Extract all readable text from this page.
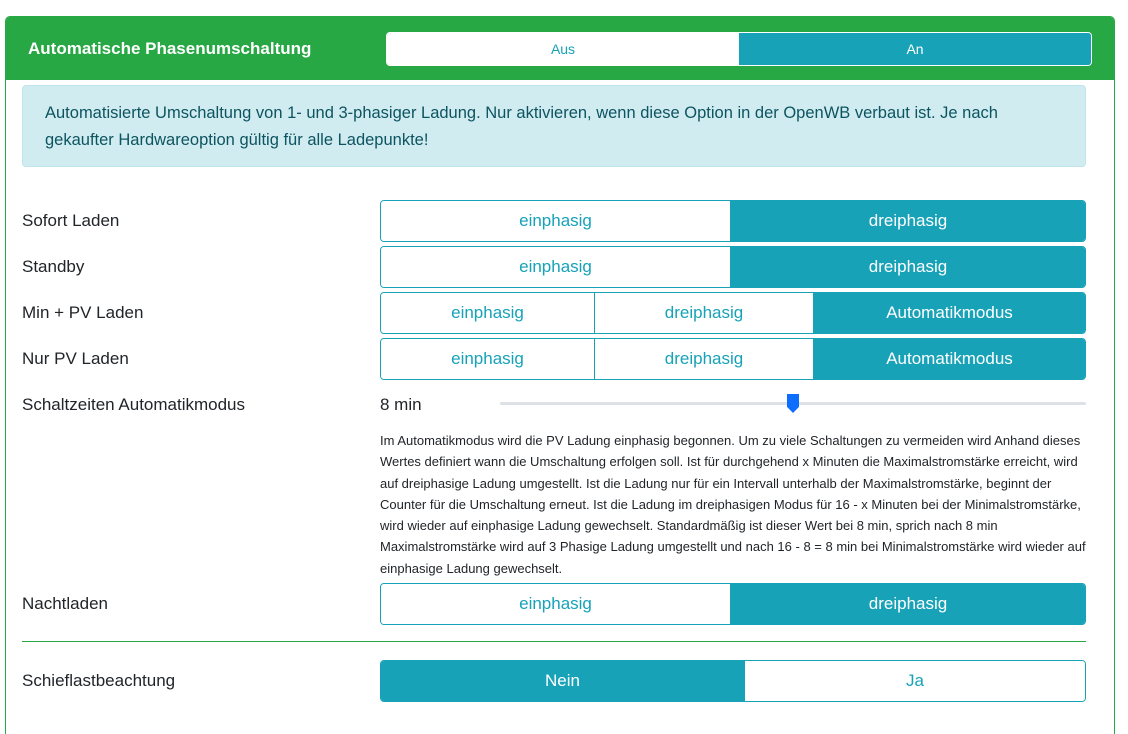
Automatische Phasenumschaltung	Aus	An
Automatisierte Umschaltung von 1- und 3-phasiger Ladung. Nur aktivieren, wenn diese Option in der OpenWB verbaut ist. Je nach gekaufter Hardwareoption gültig für alle Ladepunkte!
Sofort Laden	einphasig	dreiphasig
Standby	einphasig	dreiphasig
Min + PV Laden	einphasig	dreiphasig	Automatikmodus
Nur PV Laden	einphasig	dreiphasig	Automatikmodus
Schaltzeiten Automatikmodus	8 min
Im Automatikmodus wird die PV Ladung einphasig begonnen. Um zu viele Schaltungen zu vermeiden wird Anhand dieses Wertes definiert wann die Umschaltung erfolgen soll. Ist für durchgehend x Minuten die Maximalstromstärke erreicht, wird auf dreiphasige Ladung umgestellt. Ist die Ladung nur für ein Intervall unterhalb der Maximalstromstärke, beginnt der Counter für die Umschaltung erneut. Ist die Ladung im dreiphasigen Modus für 16 - x Minuten bei der Minimalstromstärke, wird wieder auf einphasige Ladung gewechselt. Standardmäßig ist dieser Wert bei 8 min, sprich nach 8 min Maximalstromstärke wird auf 3 Phasige Ladung umgestellt und nach 16 - 8 = 8 min bei Minimalstromstärke wird wieder auf einphasige Ladung gewechselt.
Nachtladen	einphasig	dreiphasig
Schieflastbeachtung	Nein	Ja
